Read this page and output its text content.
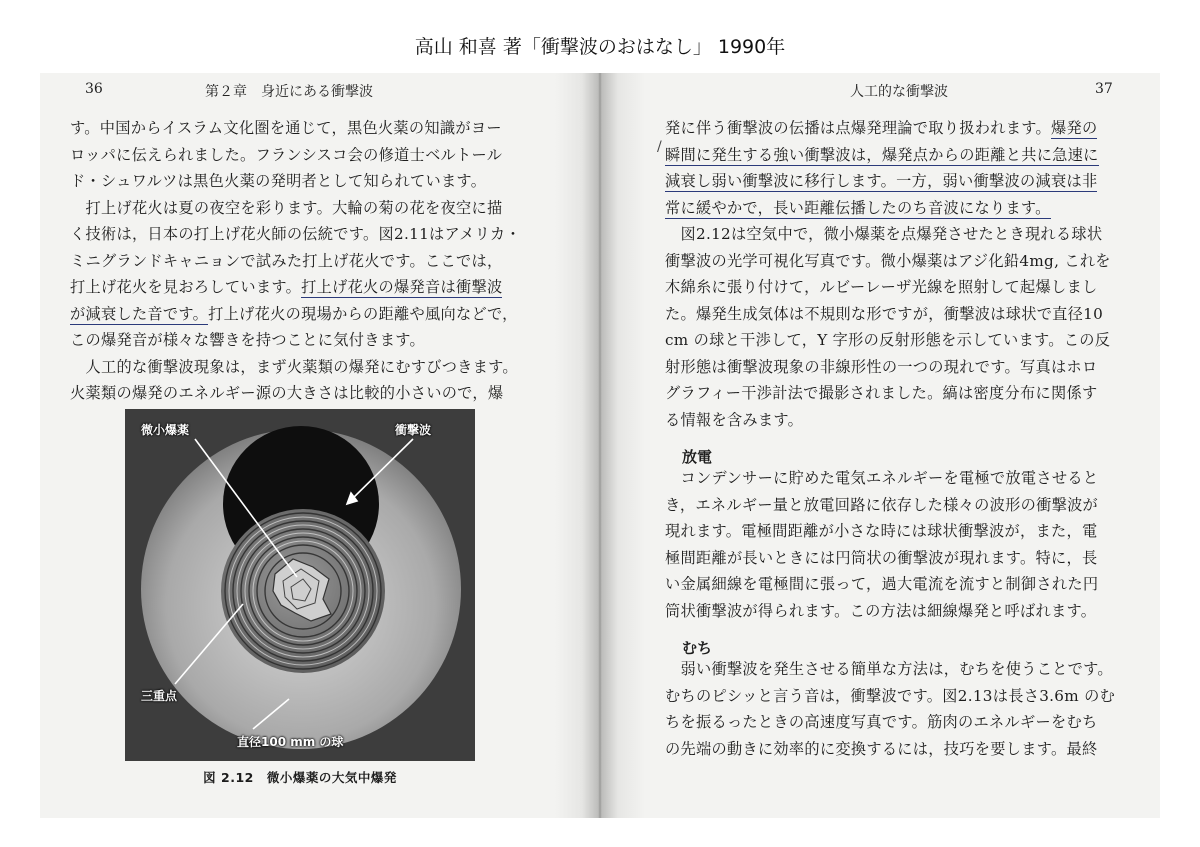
高山 和喜 著「衝撃波のおはなし」 1990年
36	第２章　身近にある衝撃波
す。中国からイスラム文化圏を通じて，黒色火薬の知識がヨー
ロッパに伝えられました。フランシスコ会の修道士ベルトール
ド・シュワルツは黒色火薬の発明者として知られています。
　打上げ花火は夏の夜空を彩ります。大輪の菊の花を夜空に描
く技術は，日本の打上げ花火師の伝統です。図2.11はアメリカ・
ミニグランドキャニョンで試みた打上げ花火です。ここでは，
打上げ花火を見おろしています。打上げ花火の爆発音は衝撃波
が減衰した音です。打上げ花火の現場からの距離や風向などで，
この爆発音が様々な響きを持つことに気付きます。
　人工的な衝撃波現象は，まず火薬類の爆発にむすびつきます。
火薬類の爆発のエネルギー源の大きさは比較的小さいので，爆
微小爆薬	衝撃波
三重点
直径100 mm の球
図 2.12　微小爆薬の大気中爆発
人工的な衝撃波	37
/
発に伴う衝撃波の伝播は点爆発理論で取り扱われます。爆発の
瞬間に発生する強い衝撃波は，爆発点からの距離と共に急速に
減衰し弱い衝撃波に移行します。一方，弱い衝撃波の減衰は非
常に緩やかで，長い距離伝播したのち音波になります。
　図2.12は空気中で，微小爆薬を点爆発させたとき現れる球状
衝撃波の光学可視化写真です。微小爆薬はアジ化鉛4mg, これを
木綿糸に張り付けて，ルビーレーザ光線を照射して起爆しまし
た。爆発生成気体は不規則な形ですが，衝撃波は球状で直径10
cm の球と干渉して，Y 字形の反射形態を示しています。この反
射形態は衝撃波現象の非線形性の一つの現れです。写真はホロ
グラフィー干渉計法で撮影されました。縞は密度分布に関係す
る情報を含みます。
放電
　コンデンサーに貯めた電気エネルギーを電極で放電させると
き，エネルギー量と放電回路に依存した様々の波形の衝撃波が
現れます。電極間距離が小さな時には球状衝撃波が，また，電
極間距離が長いときには円筒状の衝撃波が現れます。特に，長
い金属細線を電極間に張って，過大電流を流すと制御された円
筒状衝撃波が得られます。この方法は細線爆発と呼ばれます。
むち
　弱い衝撃波を発生させる簡単な方法は，むちを使うことです。
むちのピシッと言う音は，衝撃波です。図2.13は長さ3.6m のむ
ちを振るったときの高速度写真です。筋肉のエネルギーをむち
の先端の動きに効率的に変換するには，技巧を要します。最終
